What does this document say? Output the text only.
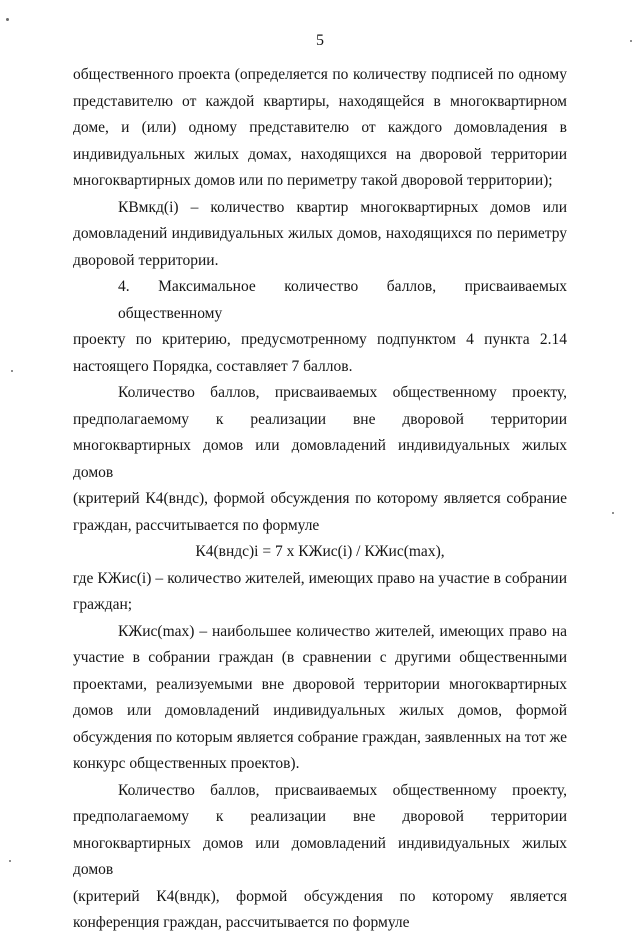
5
общественного проекта (определяется по количеству подписей по одному
представителю от каждой квартиры, находящейся в многоквартирном
доме, и (или) одному представителю от каждого домовладения в
индивидуальных жилых домах, находящихся на дворовой территории
многоквартирных домов или по периметру такой дворовой территории);
КВмкд(i) – количество квартир многоквартирных домов или
домовладений индивидуальных жилых домов, находящихся по периметру
дворовой территории.
4. Максимальное количество баллов, присваиваемых общественному
проекту по критерию, предусмотренному подпунктом 4 пункта 2.14
настоящего Порядка, составляет 7 баллов.
Количество баллов, присваиваемых общественному проекту,
предполагаемому к реализации вне дворовой территории
многоквартирных домов или домовладений индивидуальных жилых домов
(критерий К4(вндс), формой обсуждения по которому является собрание
граждан, рассчитывается по формуле
К4(вндс)i = 7 х КЖис(i) / КЖис(max),
где КЖис(i) – количество жителей, имеющих право на участие в собрании
граждан;
КЖис(max) – наибольшее количество жителей, имеющих право на
участие в собрании граждан (в сравнении с другими общественными
проектами, реализуемыми вне дворовой территории многоквартирных
домов или домовладений индивидуальных жилых домов, формой
обсуждения по которым является собрание граждан, заявленных на тот же
конкурс общественных проектов).
Количество баллов, присваиваемых общественному проекту,
предполагаемому к реализации вне дворовой территории
многоквартирных домов или домовладений индивидуальных жилых домов
(критерий К4(вндк), формой обсуждения по которому является
конференция граждан, рассчитывается по формуле
